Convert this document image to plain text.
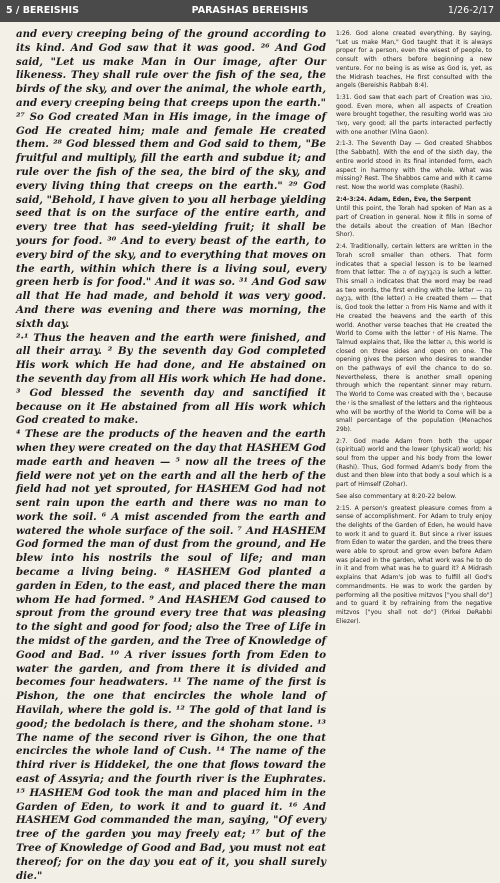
5 / BEREISHIS	PARASHAS BEREISHIS	1/26-2/17

and every creeping being of the ground according to its kind. And God saw that it was good. ²⁶ And God said, "Let us make Man in Our image, after Our likeness. They shall rule over the fish of the sea, the birds of the sky, and over the animal, the whole earth, and every creeping being that creeps upon the earth." ²⁷ So God created Man in His image, in the image of God He created him; male and female He created them. ²⁸ God blessed them and God said to them, "Be fruitful and multiply, fill the earth and subdue it; and rule over the fish of the sea, the bird of the sky, and every living thing that creeps on the earth." ²⁹ God said, "Behold, I have given to you all herbage yielding seed that is on the surface of the entire earth, and every tree that has seed-yielding fruit; it shall be yours for food. ³⁰ And to every beast of the earth, to every bird of the sky, and to everything that moves on the earth, within which there is a living soul, every green herb is for food." And it was so. ³¹ And God saw all that He had made, and behold it was very good. And there was evening and there was morning, the sixth day.

²·¹ Thus the heaven and the earth were finished, and all their array. ² By the seventh day God completed His work which He had done, and He abstained on the seventh day from all His work which He had done. ³ God blessed the seventh day and sanctified it because on it He abstained from all His work which God created to make.

⁴ These are the products of the heaven and the earth when they were created on the day that HASHEM God made earth and heaven — ⁵ now all the trees of the field were not yet on the earth and all the herb of the field had not yet sprouted, for HASHEM God had not sent rain upon the earth and there was no man to work the soil. ⁶ A mist ascended from the earth and watered the whole surface of the soil. ⁷ And HASHEM God formed the man of dust from the ground, and He blew into his nostrils the soul of life; and man became a living being. ⁸ HASHEM God planted a garden in Eden, to the east, and placed there the man whom He had formed. ⁹ And HASHEM God caused to sprout from the ground every tree that was pleasing to the sight and good for food; also the Tree of Life in the midst of the garden, and the Tree of Knowledge of Good and Bad. ¹⁰ A river issues forth from Eden to water the garden, and from there it is divided and becomes four headwaters. ¹¹ The name of the first is Pishon, the one that encircles the whole land of Havilah, where the gold is. ¹² The gold of that land is good; the bedolach is there, and the shoham stone. ¹³ The name of the second river is Gihon, the one that encircles the whole land of Cush. ¹⁴ The name of the third river is Hiddekel, the one that flows toward the east of Assyria; and the fourth river is the Euphrates. ¹⁵ HASHEM God took the man and placed him in the Garden of Eden, to work it and to guard it. ¹⁶ And HASHEM God commanded the man, saying, "Of every tree of the garden you may freely eat; ¹⁷ but of the Tree of Knowledge of Good and Bad, you must not eat thereof; for on the day you eat of it, you shall surely die."

1:26. God alone created everything. By saying, "Let us make Man," God taught that it is always proper for a person, even the wisest of people, to consult with others before beginning a new venture. For no being is as wise as God is, yet, as the Midrash teaches, He first consulted with the angels (Bereishis Rabbah 8:4).

1:31. God saw that each part of Creation was טוֹב, good. Even more, when all aspects of Creation were brought together, the resulting world was טוֹב מְאֹד, very good; all the parts interacted perfectly with one another (Vilna Gaon).

2:1-3. The Seventh Day — God created Shabbos [the Sabbath]. With the end of the sixth day, the entire world stood in its final intended form, each aspect in harmony with the whole. What was missing? Rest. The Shabbos came and with it came rest. Now the world was complete (Rashi).

2:4-3:24. Adam, Eden, Eve, the Serpent

Until this point, the Torah had spoken of Man as a part of Creation in general. Now it fills in some of the details about the creation of Man (Bechor Shor).

2:4. Traditionally, certain letters are written in the Torah scroll smaller than others. That form indicates that a special lesson is to be learned from that letter. The ה of בְּהִבָּרְאָם is such a letter. This small ה indicates that the word may be read as two words, the first ending with the letter — בְּה בְּרָאָם, with (the letter) ה He created them — that is, God took the letter ה from His Name and with it He created the heavens and the earth of this world. Another verse teaches that He created the World to Come with the letter י of His Name. The Talmud explains that, like the letter ה, this world is closed on three sides and open on one. The opening gives the person who desires to wander on the pathways of evil the chance to do so. Nevertheless, there is another small opening through which the repentant sinner may return. The World to Come was created with the י, because the י is the smallest of the letters and the righteous who will be worthy of the World to Come will be a small percentage of the population (Menachos 29b).

2:7. God made Adam from both the upper (spiritual) world and the lower (physical) world; his soul from the upper and his body from the lower (Rashi). Thus, God formed Adam's body from the dust and then blew into that body a soul which is a part of Himself (Zohar).

See also commentary at 8:20-22 below.

2:15. A person's greatest pleasure comes from a sense of accomplishment. For Adam to truly enjoy the delights of the Garden of Eden, he would have to work it and to guard it. But since a river issues from Eden to water the garden, and the trees there were able to sprout and grow even before Adam was placed in the garden, what work was he to do in it and from what was he to guard it? A Midrash explains that Adam's job was to fulfill all God's commandments. He was to work the garden by performing all the positive mitzvos ["you shall do"] and to guard it by refraining from the negative mitzvos ["you shall not do"] (Pirkei DeRabbi Eliezer).
